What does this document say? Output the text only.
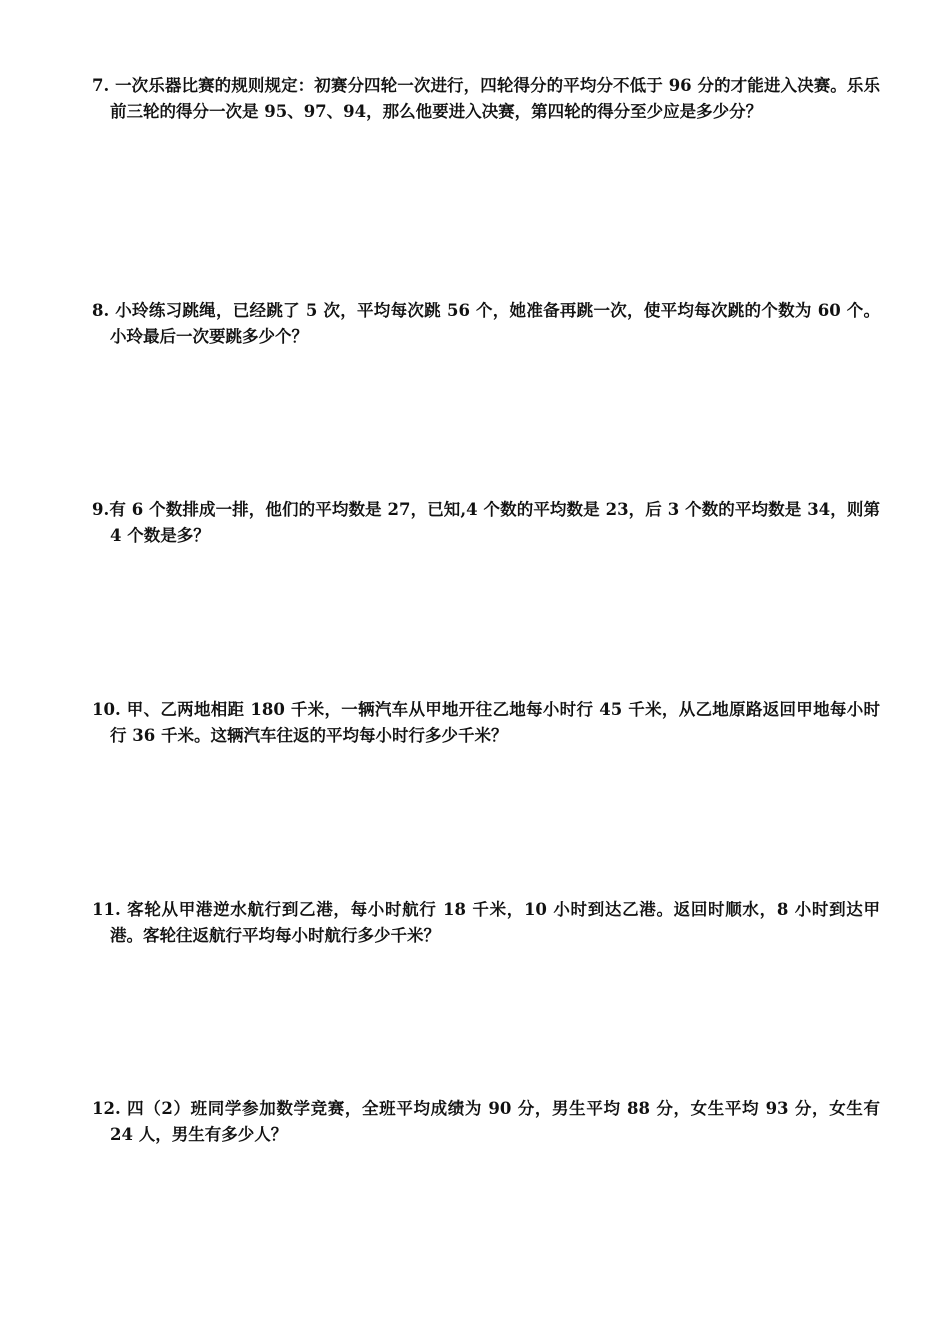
7. 一次乐器比赛的规则规定：初赛分四轮一次进行，四轮得分的平均分不低于 96 分的才能进入决赛。乐乐前三轮的得分一次是 95、97、94，那么他要进入决赛，第四轮的得分至少应是多少分？

8. 小玲练习跳绳，已经跳了 5 次，平均每次跳 56 个，她准备再跳一次，使平均每次跳的个数为 60 个。小玲最后一次要跳多少个？

9.有 6 个数排成一排，他们的平均数是 27，已知,4 个数的平均数是 23，后 3 个数的平均数是 34，则第 4 个数是多？

10. 甲、乙两地相距 180 千米，一辆汽车从甲地开往乙地每小时行 45 千米，从乙地原路返回甲地每小时行 36 千米。这辆汽车往返的平均每小时行多少千米？

11. 客轮从甲港逆水航行到乙港，每小时航行 18 千米，10 小时到达乙港。返回时顺水，8 小时到达甲港。客轮往返航行平均每小时航行多少千米？

12. 四（2）班同学参加数学竞赛，全班平均成绩为 90 分，男生平均 88 分，女生平均 93 分，女生有 24 人，男生有多少人？
